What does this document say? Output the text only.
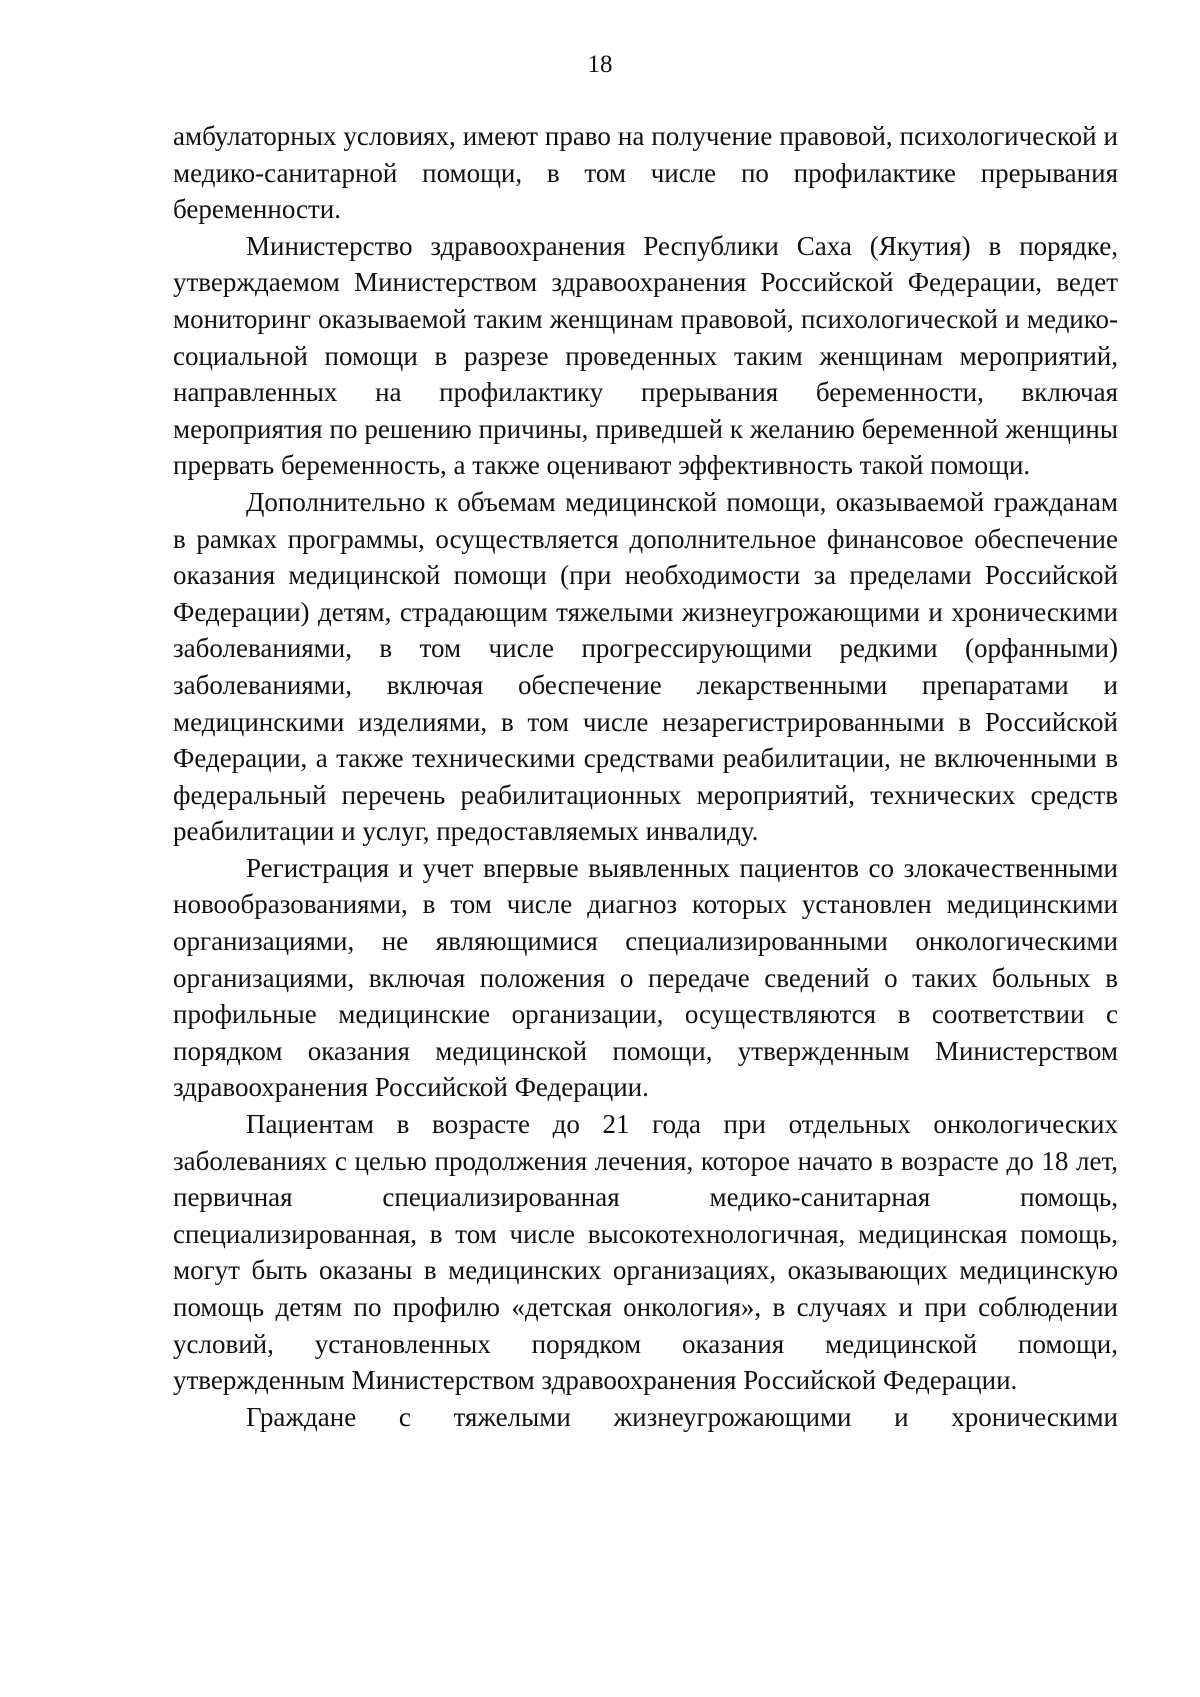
18

амбулаторных условиях, имеют право на получение правовой, психологической и медико-санитарной помощи, в том числе по профилактике прерывания беременности.

Министерство здравоохранения Республики Саха (Якутия) в порядке, утверждаемом Министерством здравоохранения Российской Федерации, ведет мониторинг оказываемой таким женщинам правовой, психологической и медико-социальной помощи в разрезе проведенных таким женщинам мероприятий, направленных на профилактику прерывания беременности, включая мероприятия по решению причины, приведшей к желанию беременной женщины прервать беременность, а также оценивают эффективность такой помощи.

Дополнительно к объемам медицинской помощи, оказываемой гражданам в рамках программы, осуществляется дополнительное финансовое обеспечение оказания медицинской помощи (при необходимости за пределами Российской Федерации) детям, страдающим тяжелыми жизнеугрожающими и хроническими заболеваниями, в том числе прогрессирующими редкими (орфанными) заболеваниями, включая обеспечение лекарственными препаратами и медицинскими изделиями, в том числе незарегистрированными в Российской Федерации, а также техническими средствами реабилитации, не включенными в федеральный перечень реабилитационных мероприятий, технических средств реабилитации и услуг, предоставляемых инвалиду.

Регистрация и учет впервые выявленных пациентов со злокачественными новообразованиями, в том числе диагноз которых установлен медицинскими организациями, не являющимися специализированными онкологическими организациями, включая положения о передаче сведений о таких больных в профильные медицинские организации, осуществляются в соответствии с порядком оказания медицинской помощи, утвержденным Министерством здравоохранения Российской Федерации.

Пациентам в возрасте до 21 года при отдельных онкологических заболеваниях с целью продолжения лечения, которое начато в возрасте до 18 лет, первичная специализированная медико-санитарная помощь, специализированная, в том числе высокотехнологичная, медицинская помощь, могут быть оказаны в медицинских организациях, оказывающих медицинскую помощь детям по профилю «детская онкология», в случаях и при соблюдении условий, установленных порядком оказания медицинской помощи, утвержденным Министерством здравоохранения Российской Федерации.

Граждане с тяжелыми жизнеугрожающими и хроническими
